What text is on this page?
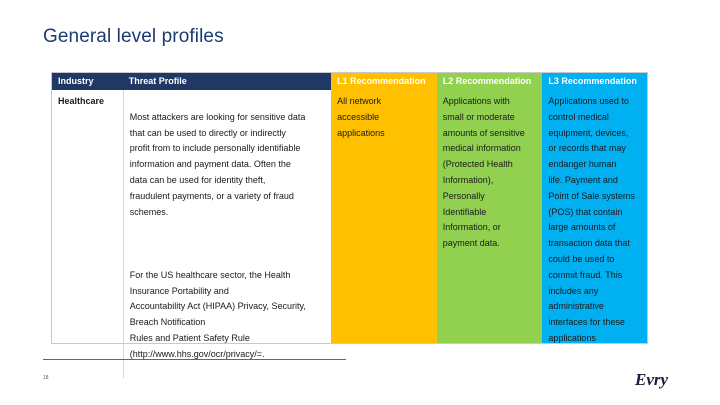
General level profiles
Industry
Healthcare
Threat Profile

Most attackers are looking for sensitive data
that can be used to directly or indirectly
profit from to include personally identifiable
information and payment data. Often the
data can be used for identity theft,
fraudulent payments, or a variety of fraud
schemes.

For the US healthcare sector, the Health
Insurance Portability and
Accountability Act (HIPAA) Privacy, Security,
Breach Notification
Rules and Patient Safety Rule
(http://www.hhs.gov/ocr/privacy/=.

L1 Recommendation
All network
accessible
applications
L2 Recommendation
Applications with
small or moderate
amounts of sensitive
medical information
(Protected Health
Information),
Personally
Identifiable
Information, or
payment data.
L3 Recommendation
Applications used to
control medical
equipment, devices,
or records that may
endanger human
life. Payment and
Point of Sale systems
(POS) that contain
large amounts of
transaction data that
could be used to
commit fraud. This
includes any
administrative
interfaces for these
applications
18	Evry
